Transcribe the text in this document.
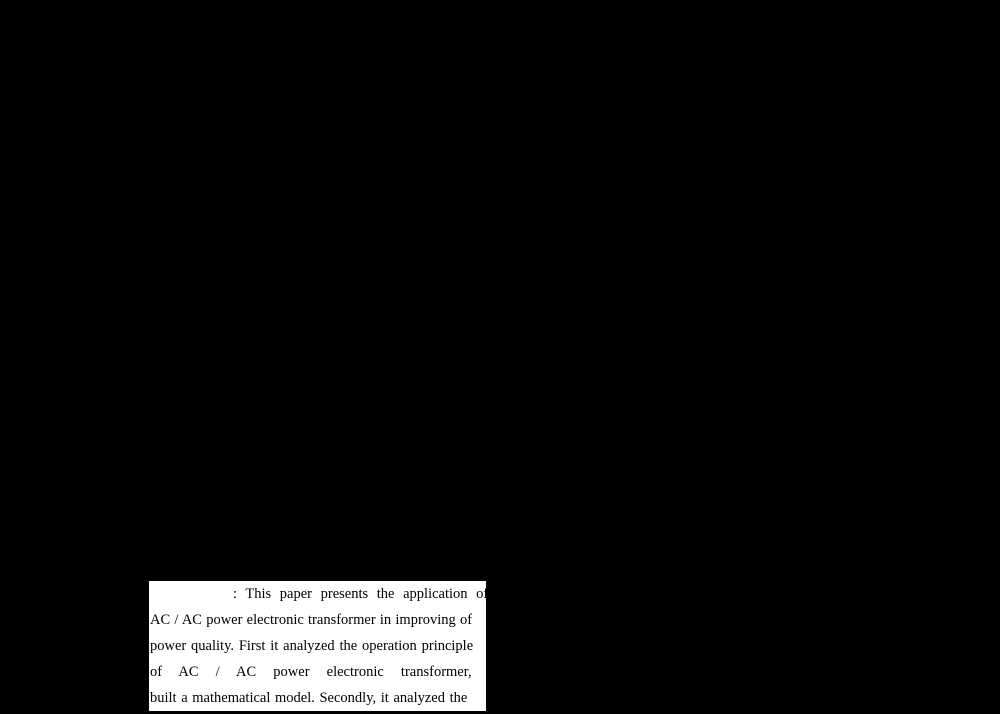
: This paper presents the application of
AC / AC power electronic transformer in improving of
power quality. First it analyzed the operation principle
of AC / AC power electronic transformer,
built a mathematical model. Secondly, it analyzed the
